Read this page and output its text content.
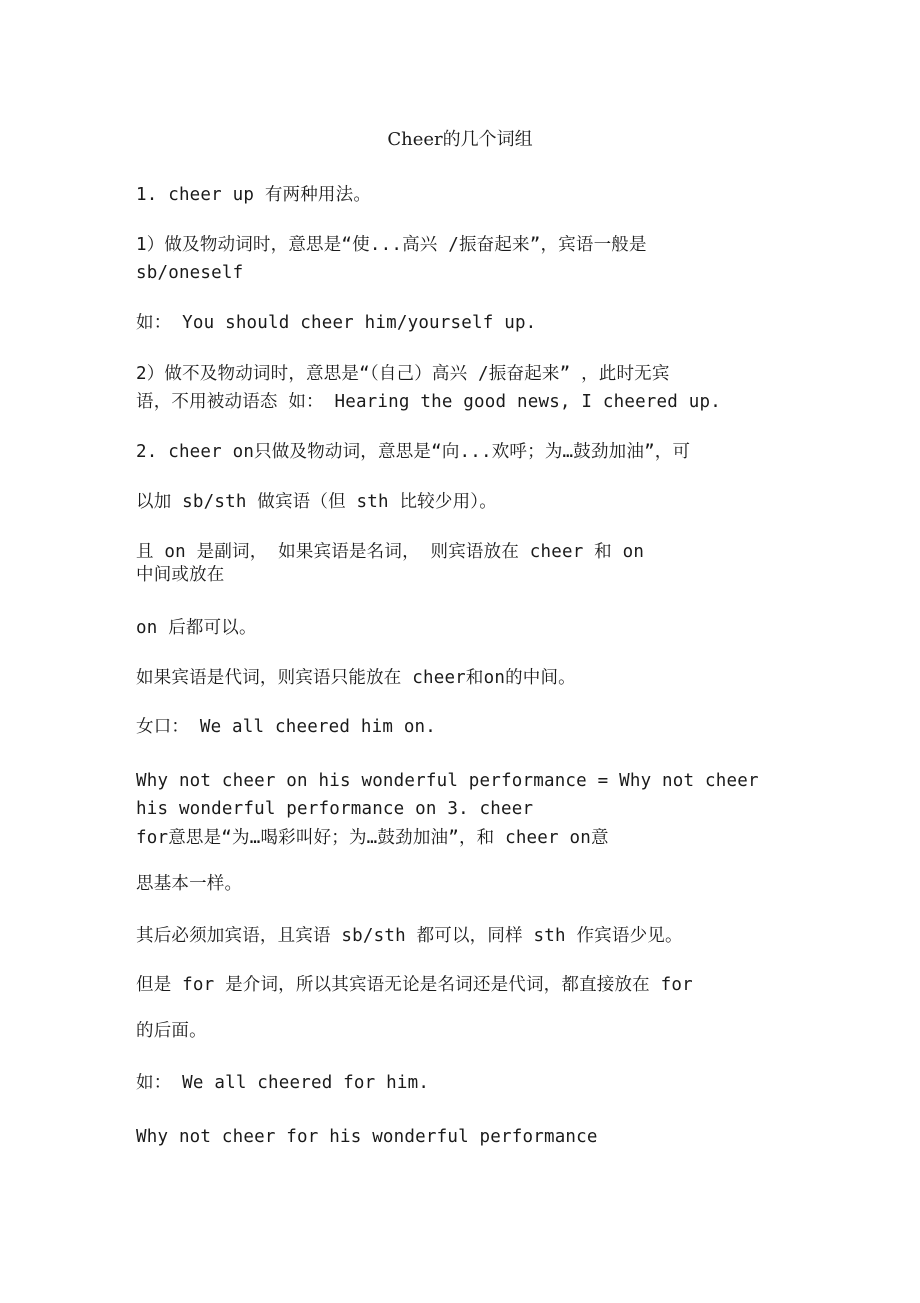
Cheer的几个词组
1. cheer up 有两种用法。
1）做及物动词时，意思是“使...高兴 /振奋起来”，宾语一般是
sb/oneself
如： You should cheer him/yourself up.
2）做不及物动词时，意思是“（自己）高兴 /振奋起来” ，此时无宾
语，不用被动语态 如： Hearing the good news, I cheered up.
2. cheer on只做及物动词，意思是“向...欢呼；为…鼓劲加油”，可
以加 sb/sth 做宾语（但 sth 比较少用）。
且 on 是副词， 如果宾语是名词， 则宾语放在 cheer 和 on
中间或放在
on 后都可以。
如果宾语是代词，则宾语只能放在 cheer和on的中间。
女口： We all cheered him on.
Why not cheer on his wonderful performance = Why not cheer
his wonderful performance on 3. cheer
for意思是“为…喝彩叫好；为…鼓劲加油”，和 cheer on意
思基本一样。
其后必须加宾语，且宾语 sb/sth 都可以，同样 sth 作宾语少见。
但是 for 是介词，所以其宾语无论是名词还是代词，都直接放在 for
的后面。
如： We all cheered for him.
Why not cheer for his wonderful performance
